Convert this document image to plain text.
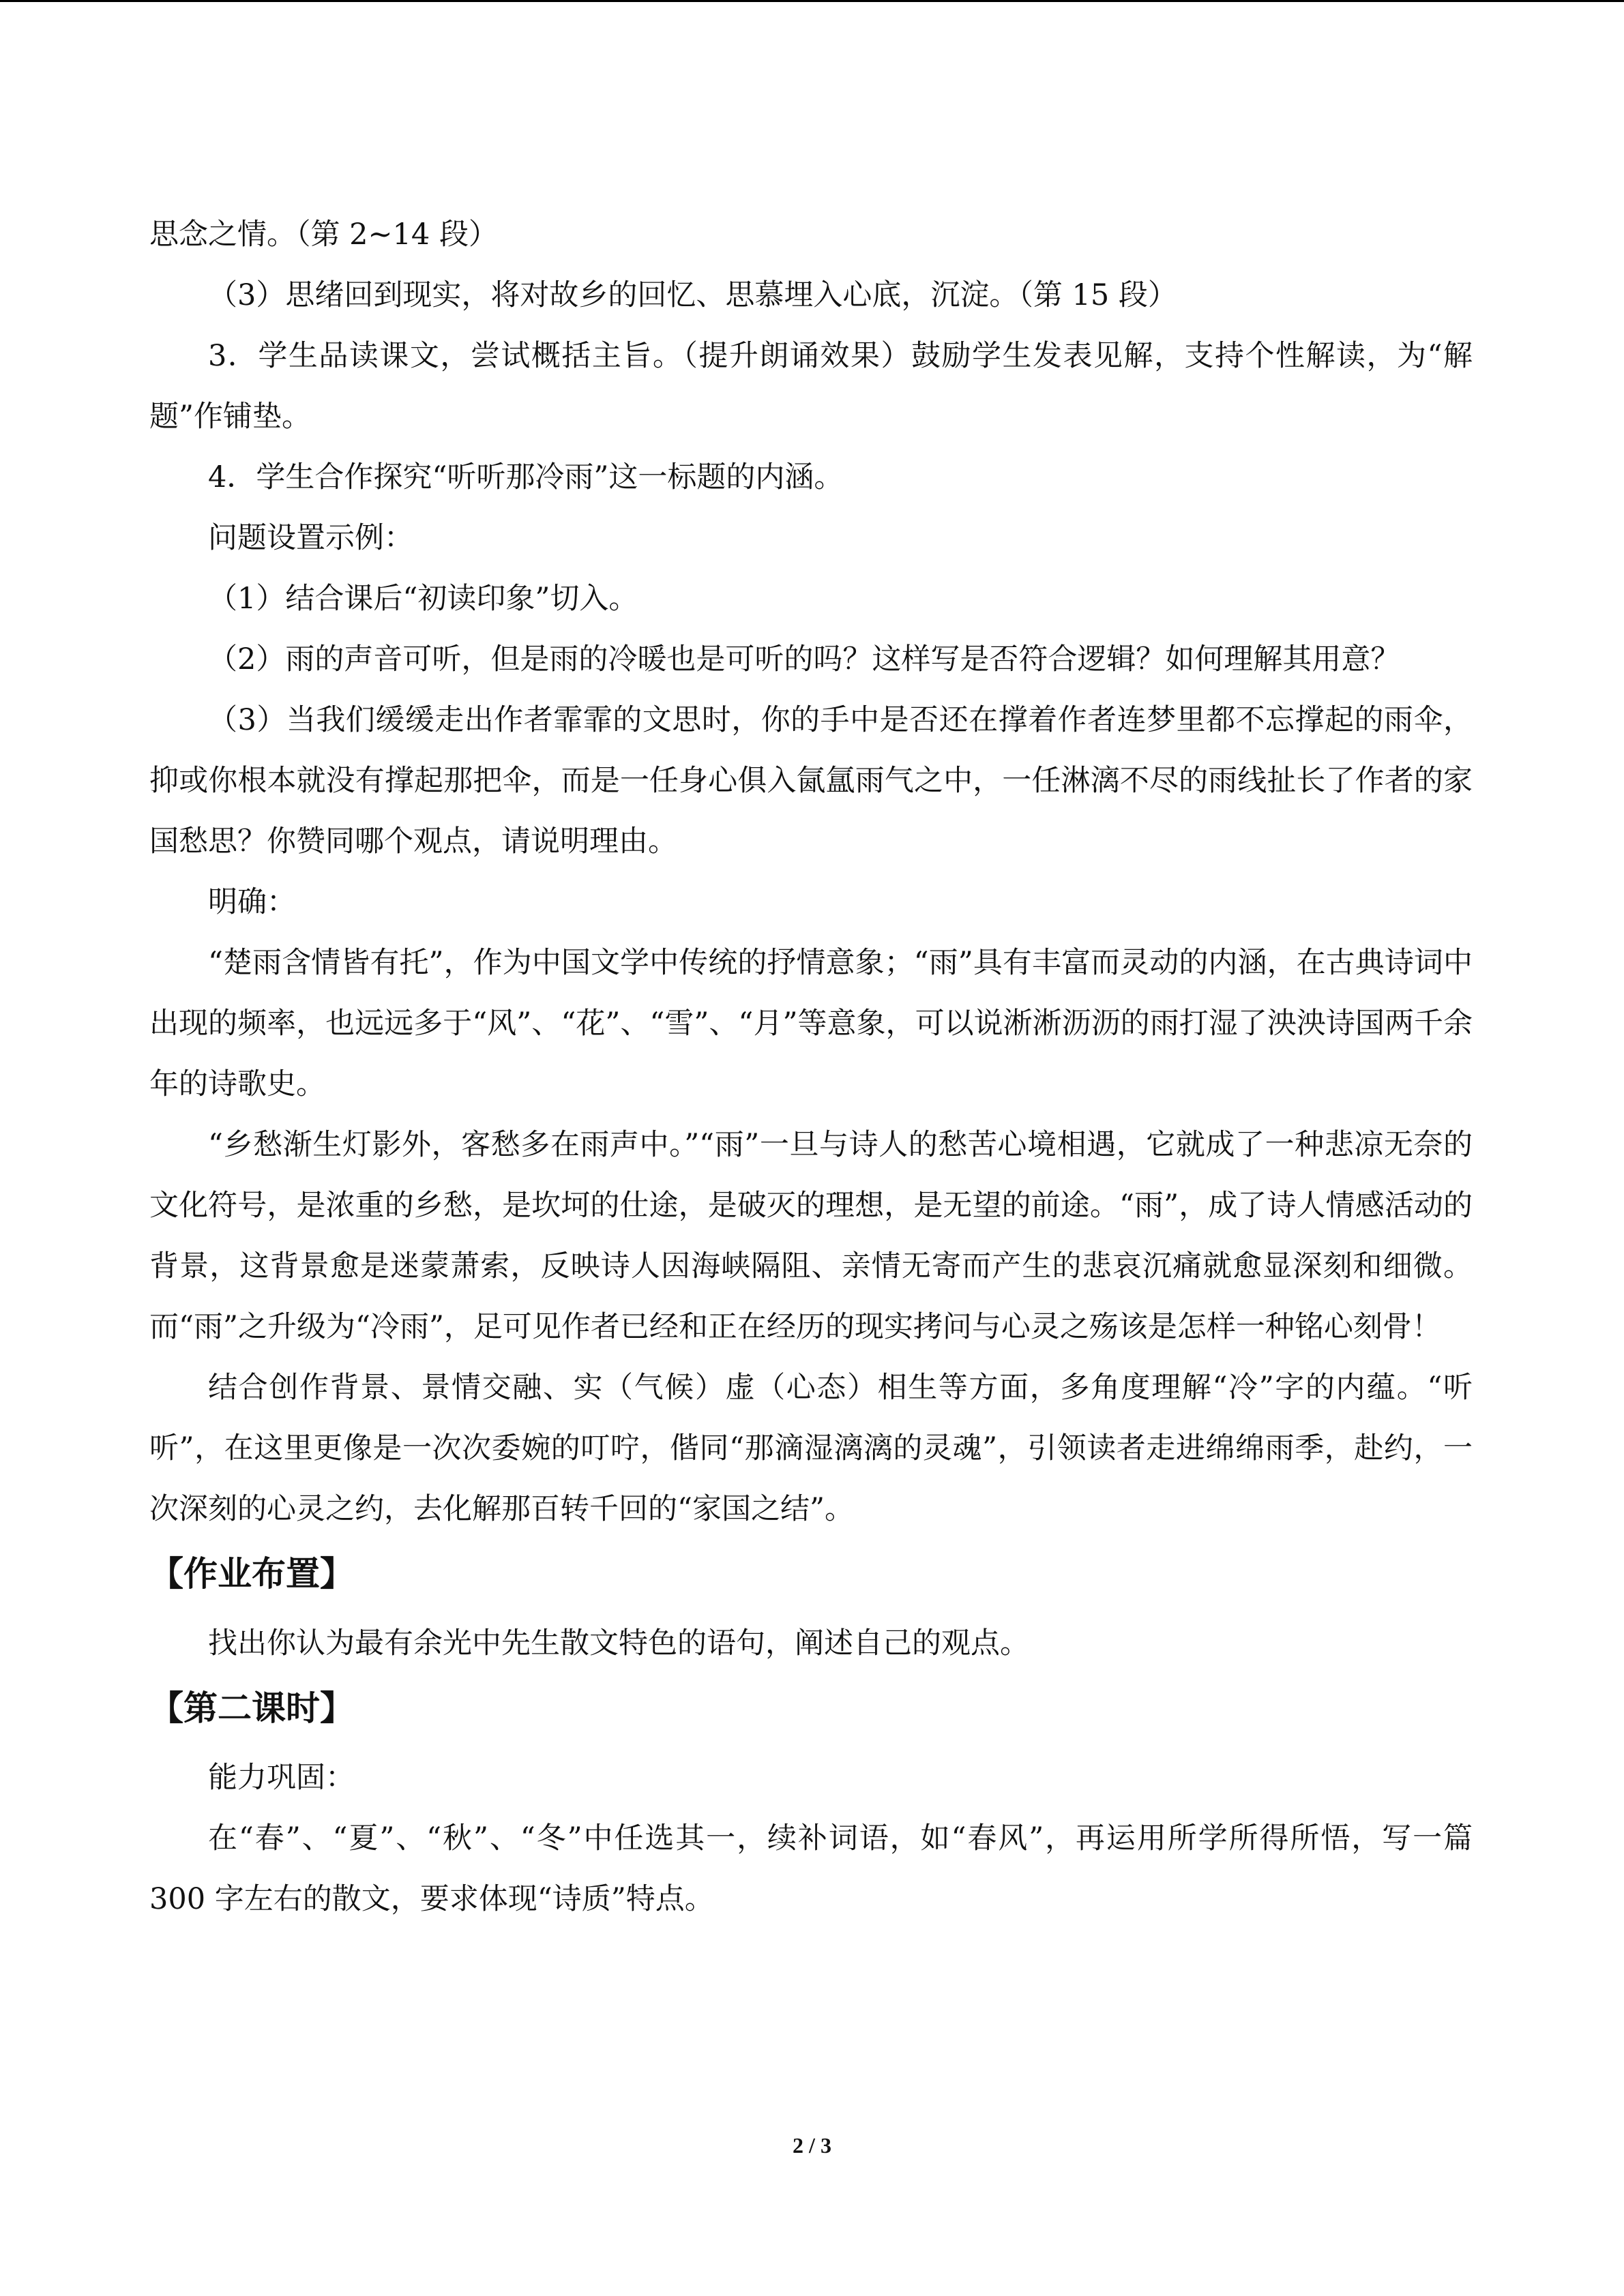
思念之情。（第 2~14 段）

（3）思绪回到现实，将对故乡的回忆、思慕埋入心底，沉淀。（第 15 段）

3．学生品读课文，尝试概括主旨。（提升朗诵效果）鼓励学生发表见解，支持个性解读，为“解题”作铺垫。

4．学生合作探究“听听那冷雨”这一标题的内涵。

问题设置示例：

（1）结合课后“初读印象”切入。

（2）雨的声音可听，但是雨的冷暖也是可听的吗？这样写是否符合逻辑？如何理解其用意？

（3）当我们缓缓走出作者霏霏的文思时，你的手中是否还在撑着作者连梦里都不忘撑起的雨伞，抑或你根本就没有撑起那把伞，而是一任身心俱入氤氲雨气之中，一任淋漓不尽的雨线扯长了作者的家国愁思？你赞同哪个观点，请说明理由。

明确：

“楚雨含情皆有托”，作为中国文学中传统的抒情意象；“雨”具有丰富而灵动的内涵，在古典诗词中出现的频率，也远远多于“风”、“花”、“雪”、“月”等意象，可以说淅淅沥沥的雨打湿了泱泱诗国两千余年的诗歌史。

“乡愁渐生灯影外，客愁多在雨声中。”“雨”一旦与诗人的愁苦心境相遇，它就成了一种悲凉无奈的文化符号，是浓重的乡愁，是坎坷的仕途，是破灭的理想，是无望的前途。“雨”，成了诗人情感活动的背景，这背景愈是迷蒙萧索，反映诗人因海峡隔阻、亲情无寄而产生的悲哀沉痛就愈显深刻和细微。而“雨”之升级为“冷雨”，足可见作者已经和正在经历的现实拷问与心灵之殇该是怎样一种铭心刻骨！

结合创作背景、景情交融、实（气候）虚（心态）相生等方面，多角度理解“冷”字的内蕴。“听听”，在这里更像是一次次委婉的叮咛，偕同“那滴湿漓漓的灵魂”，引领读者走进绵绵雨季，赴约，一次深刻的心灵之约，去化解那百转千回的“家国之结”。

【作业布置】

找出你认为最有余光中先生散文特色的语句，阐述自己的观点。

【第二课时】

能力巩固：

在“春”、“夏”、“秋”、“冬”中任选其一，续补词语，如“春风”，再运用所学所得所悟，写一篇 300 字左右的散文，要求体现“诗质”特点。

2 / 3
